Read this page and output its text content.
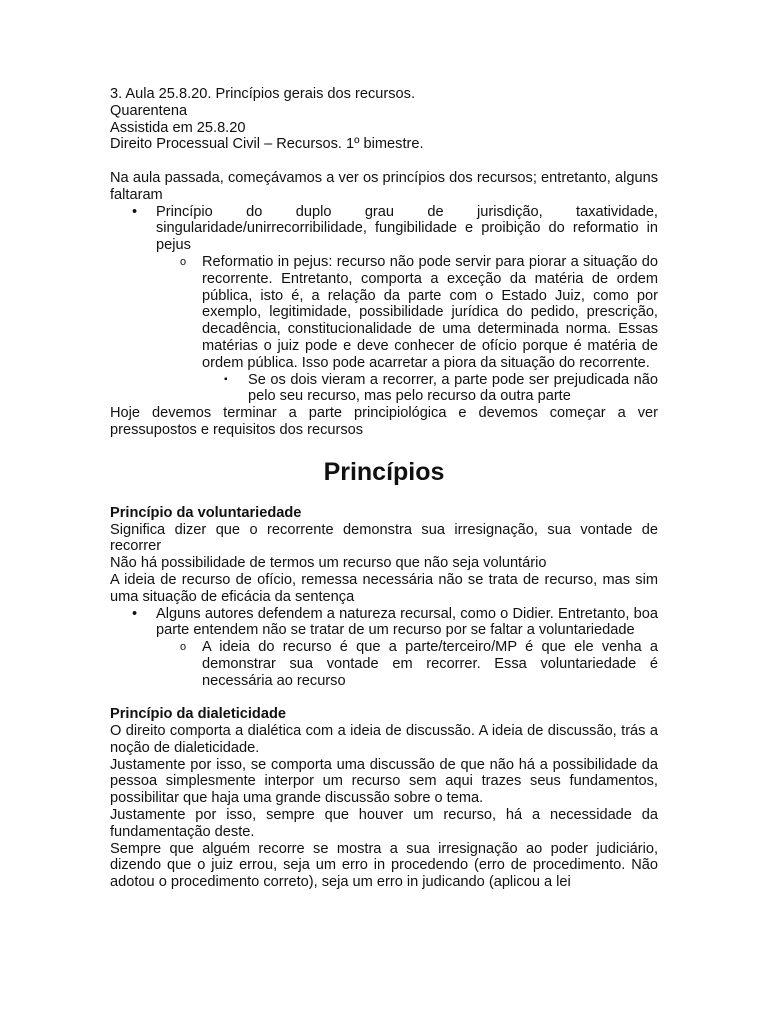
3. Aula 25.8.20. Princípios gerais dos recursos.

Quarentena

Assistida em 25.8.20

Direito Processual Civil – Recursos. 1º bimestre.

Na aula passada, começávamos a ver os princípios dos recursos; entretanto, alguns faltaram

• Princípio do duplo grau de jurisdição, taxatividade, singularidade/unirrecorribilidade, fungibilidade e proibição do reformatio in pejus

o Reformatio in pejus: recurso não pode servir para piorar a situação do recorrente. Entretanto, comporta a exceção da matéria de ordem pública, isto é, a relação da parte com o Estado Juiz, como por exemplo, legitimidade, possibilidade jurídica do pedido, prescrição, decadência, constitucionalidade de uma determinada norma. Essas matérias o juiz pode e deve conhecer de ofício porque é matéria de ordem pública. Isso pode acarretar a piora da situação do recorrente.

▪ Se os dois vieram a recorrer, a parte pode ser prejudicada não pelo seu recurso, mas pelo recurso da outra parte

Hoje devemos terminar a parte principiológica e devemos começar a ver pressupostos e requisitos dos recursos

Princípios
Princípio da voluntariedade

Significa dizer que o recorrente demonstra sua irresignação, sua vontade de recorrer

Não há possibilidade de termos um recurso que não seja voluntário

A ideia de recurso de ofício, remessa necessária não se trata de recurso, mas sim uma situação de eficácia da sentença

• Alguns autores defendem a natureza recursal, como o Didier. Entretanto, boa parte entendem não se tratar de um recurso por se faltar a voluntariedade

o A ideia do recurso é que a parte/terceiro/MP é que ele venha a demonstrar sua vontade em recorrer. Essa voluntariedade é necessária ao recurso

Princípio da dialeticidade

O direito comporta a dialética com a ideia de discussão. A ideia de discussão, trás a noção de dialeticidade.

Justamente por isso, se comporta uma discussão de que não há a possibilidade da pessoa simplesmente interpor um recurso sem aqui trazes seus fundamentos, possibilitar que haja uma grande discussão sobre o tema.

Justamente por isso, sempre que houver um recurso, há a necessidade da fundamentação deste.

Sempre que alguém recorre se mostra a sua irresignação ao poder judiciário, dizendo que o juiz errou, seja um erro in procedendo (erro de procedimento. Não adotou o procedimento correto), seja um erro in judicando (aplicou a lei
